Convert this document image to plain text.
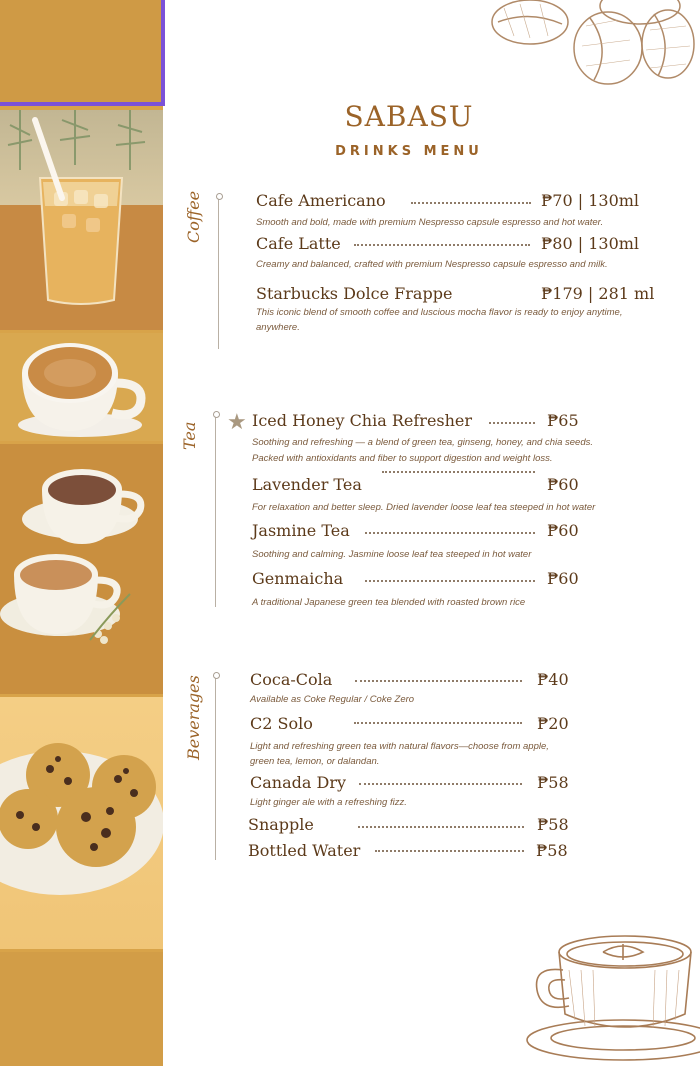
SABASU
DRINKS MENU
Coffee	Cafe Americano	₱70 | 130ml
Smooth and bold, made with premium Nespresso capsule espresso and hot water.
Cafe Latte	₱80 | 130ml
Creamy and balanced, crafted with premium Nespresso capsule espresso and milk.
Starbucks Dolce Frappe	₱179 | 281 ml
This iconic blend of smooth coffee and luscious mocha flavor is ready to enjoy anytime,
anywhere.
Tea
★ Iced Honey Chia Refresher	₱65
Soothing and refreshing — a blend of green tea, ginseng, honey, and chia seeds.
Packed with antioxidants and fiber to support digestion and weight loss.
Lavender Tea	₱60
For relaxation and better sleep. Dried lavender loose leaf tea steeped in hot water
Jasmine Tea	₱60
Soothing and calming. Jasmine loose leaf tea steeped in hot water
Genmaicha	₱60
A traditional Japanese green tea blended with roasted brown rice
Beverages	Coca-Cola	₱40
Available as Coke Regular / Coke Zero
C2 Solo	₱20
Light and refreshing green tea with natural flavors—choose from apple,
green tea, lemon, or dalandan.
Canada Dry	₱58
Light ginger ale with a refreshing fizz.
Snapple	₱58
Bottled Water	₱58
